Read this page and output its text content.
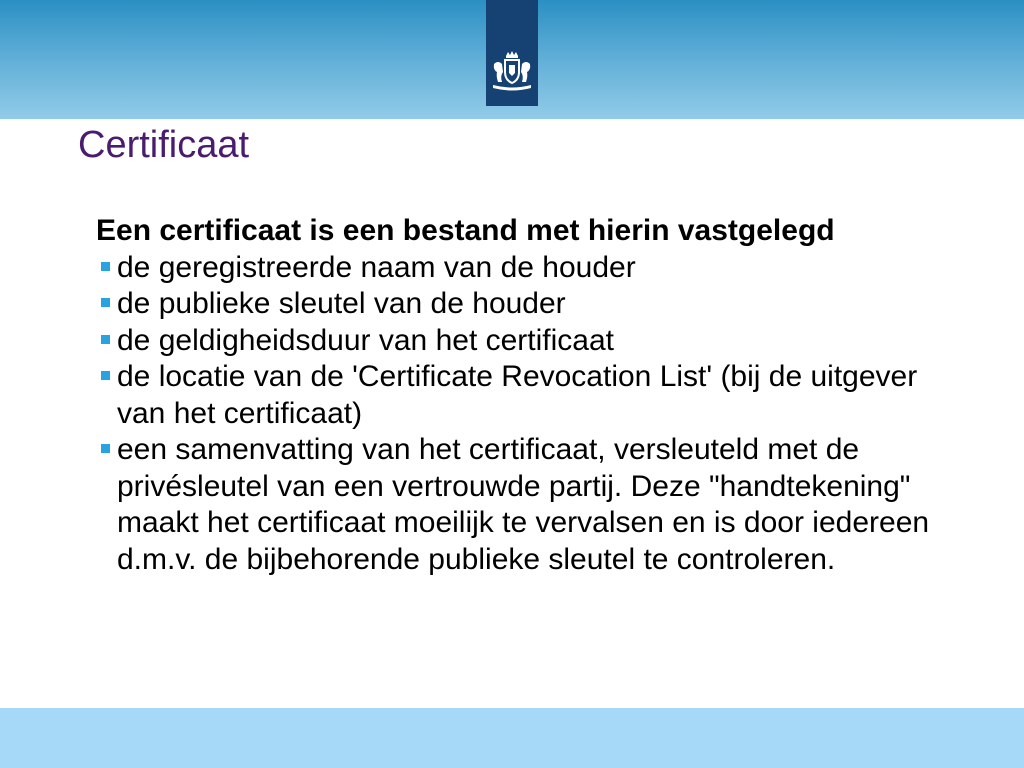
Certificaat

Een certificaat is een bestand met hierin vastgelegd

de geregistreerde naam van de houder
de publieke sleutel van de houder
de geldigheidsduur van het certificaat
de locatie van de 'Certificate Revocation List' (bij de uitgever van het certificaat)
een samenvatting van het certificaat, versleuteld met de privésleutel van een vertrouwde partij. Deze "handtekening" maakt het certificaat moeilijk te vervalsen en is door iedereen d.m.v. de bijbehorende publieke sleutel te controleren.
